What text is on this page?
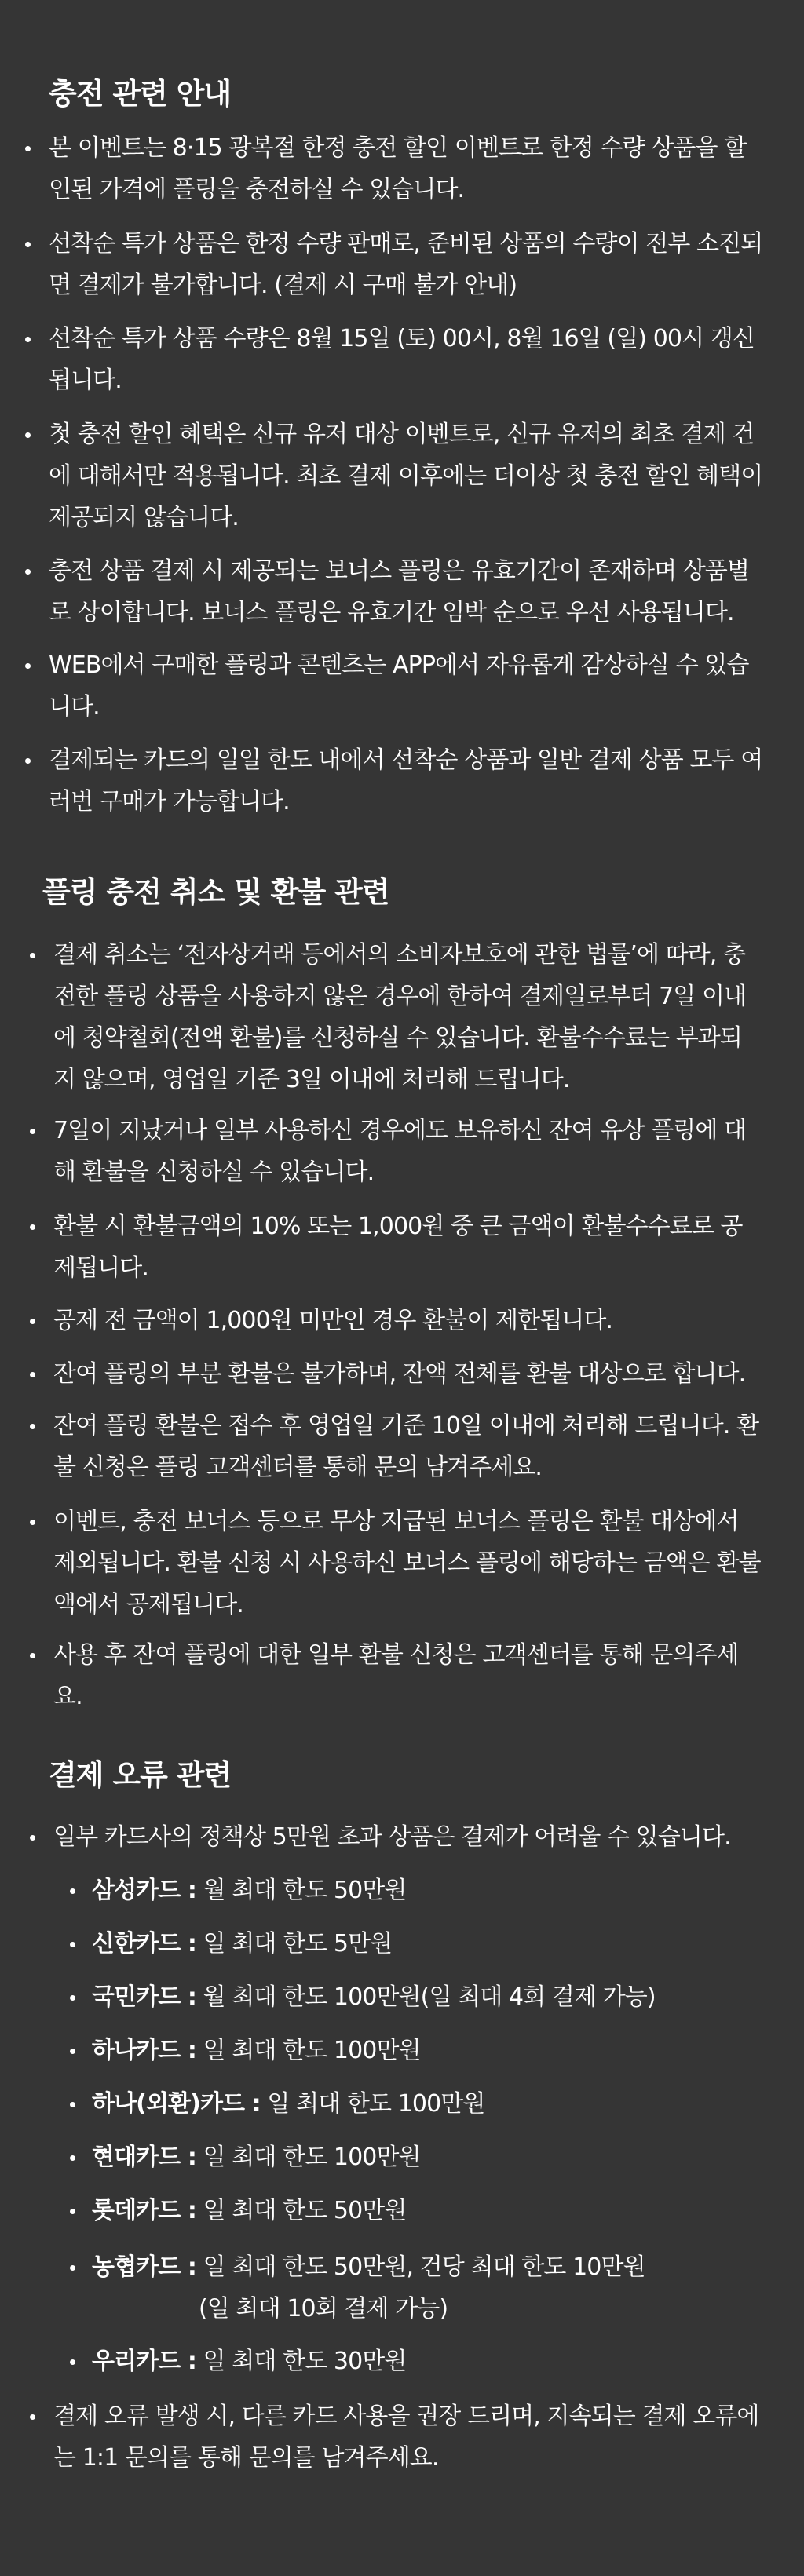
충전 관련 안내
본 이벤트는 8·15 광복절 한정 충전 할인 이벤트로 한정 수량 상품을 할인된 가격에 플링을 충전하실 수 있습니다.
선착순 특가 상품은 한정 수량 판매로, 준비된 상품의 수량이 전부 소진되면 결제가 불가합니다. (결제 시 구매 불가 안내)
선착순 특가 상품 수량은 8월 15일 (토) 00시, 8월 16일 (일) 00시 갱신됩니다.
첫 충전 할인 혜택은 신규 유저 대상 이벤트로, 신규 유저의 최초 결제 건에 대해서만 적용됩니다. 최초 결제 이후에는 더이상 첫 충전 할인 혜택이 제공되지 않습니다.
충전 상품 결제 시 제공되는 보너스 플링은 유효기간이 존재하며 상품별로 상이합니다. 보너스 플링은 유효기간 임박 순으로 우선 사용됩니다.
WEB에서 구매한 플링과 콘텐츠는 APP에서 자유롭게 감상하실 수 있습니다.
결제되는 카드의 일일 한도 내에서 선착순 상품과 일반 결제 상품 모두 여러번 구매가 가능합니다.
플링 충전 취소 및 환불 관련
결제 취소는 ‘전자상거래 등에서의 소비자보호에 관한 법률’에 따라, 충전한 플링 상품을 사용하지 않은 경우에 한하여 결제일로부터 7일 이내에 청약철회(전액 환불)를 신청하실 수 있습니다. 환불수수료는 부과되지 않으며, 영업일 기준 3일 이내에 처리해 드립니다.
7일이 지났거나 일부 사용하신 경우에도 보유하신 잔여 유상 플링에 대해 환불을 신청하실 수 있습니다.
환불 시 환불금액의 10% 또는 1,000원 중 큰 금액이 환불수수료로 공제됩니다.
공제 전 금액이 1,000원 미만인 경우 환불이 제한됩니다.
잔여 플링의 부분 환불은 불가하며, 잔액 전체를 환불 대상으로 합니다.
잔여 플링 환불은 접수 후 영업일 기준 10일 이내에 처리해 드립니다. 환불 신청은 플링 고객센터를 통해 문의 남겨주세요.
이벤트, 충전 보너스 등으로 무상 지급된 보너스 플링은 환불 대상에서 제외됩니다. 환불 신청 시 사용하신 보너스 플링에 해당하는 금액은 환불액에서 공제됩니다.
사용 후 잔여 플링에 대한 일부 환불 신청은 고객센터를 통해 문의주세요.
결제 오류 관련
일부 카드사의 정책상 5만원 초과 상품은 결제가 어려울 수 있습니다.
삼성카드 : 월 최대 한도 50만원
신한카드 : 일 최대 한도 5만원
국민카드 : 월 최대 한도 100만원(일 최대 4회 결제 가능)
하나카드 : 일 최대 한도 100만원
하나(외환)카드 : 일 최대 한도 100만원
현대카드 : 일 최대 한도 100만원
롯데카드 : 일 최대 한도 50만원
농협카드 : 일 최대 한도 50만원, 건당 최대 한도 10만원
(일 최대 10회 결제 가능)
우리카드 : 일 최대 한도 30만원
결제 오류 발생 시, 다른 카드 사용을 권장 드리며, 지속되는 결제 오류에는 1:1 문의를 통해 문의를 남겨주세요.
